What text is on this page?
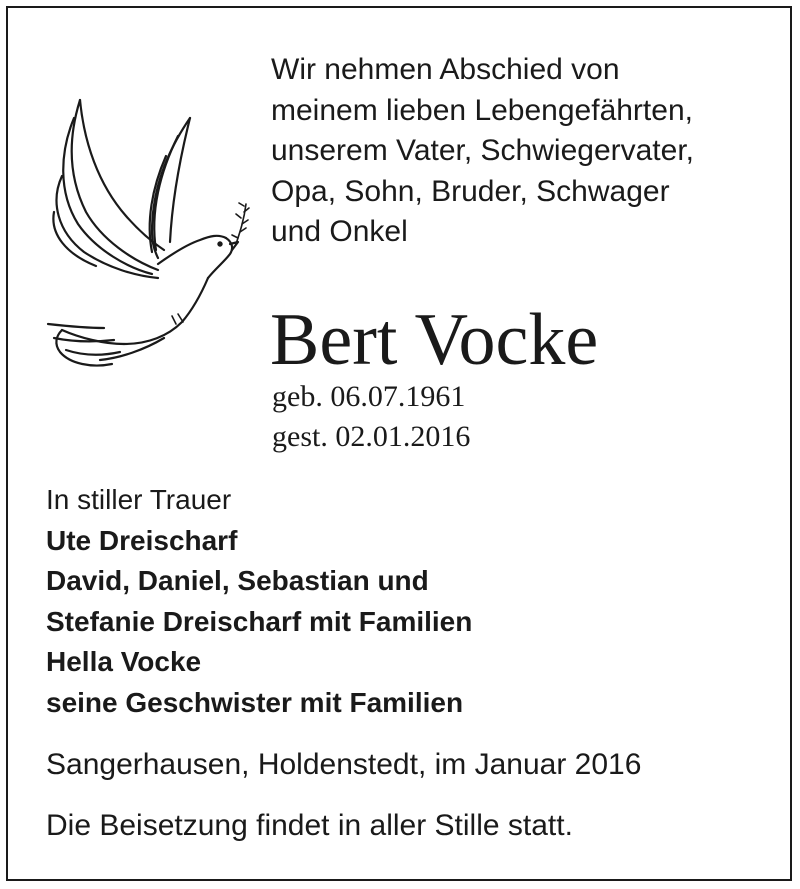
Wir nehmen Abschied von
meinem lieben Lebengefährten,
unserem Vater, Schwiegervater,
Opa, Sohn, Bruder, Schwager
und Onkel
Bert Vocke
geb. 06.07.1961
gest. 02.01.2016
In stiller Trauer
Ute Dreischarf
David, Daniel, Sebastian und
Stefanie Dreischarf mit Familien
Hella Vocke
seine Geschwister mit Familien
Sangerhausen, Holdenstedt, im Januar 2016
Die Beisetzung findet in aller Stille statt.
